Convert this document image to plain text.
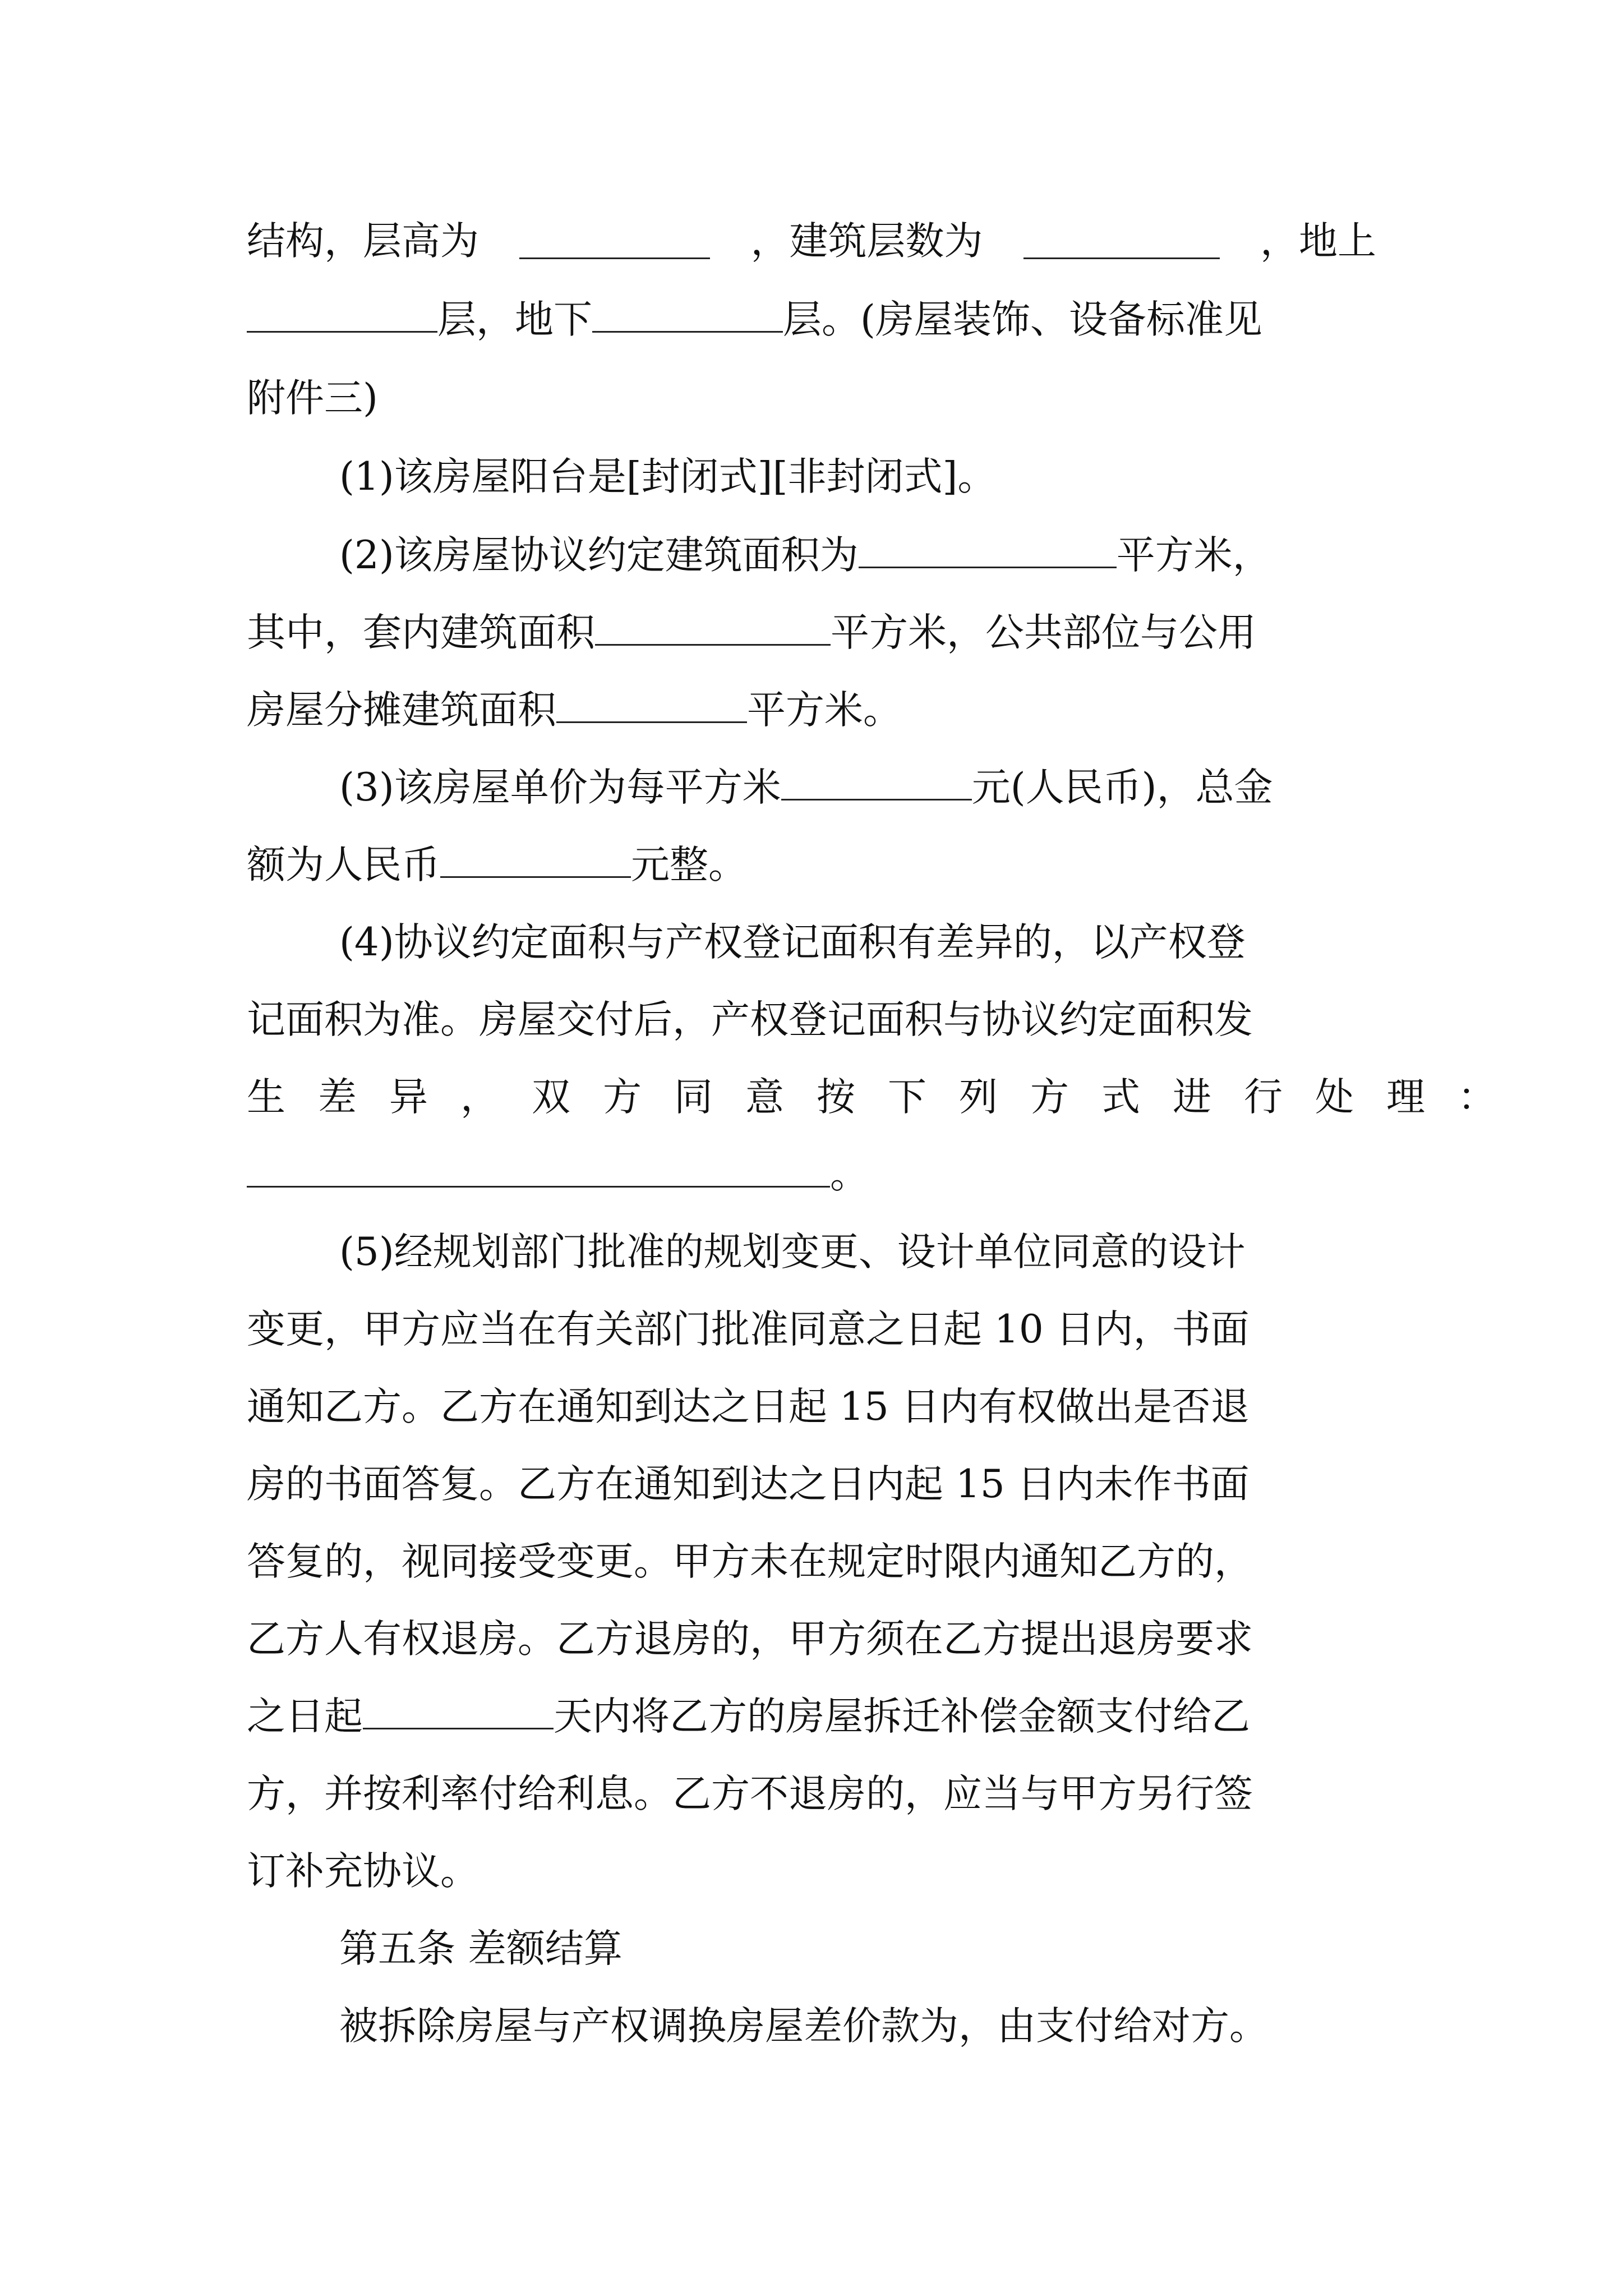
结构，层高为	，建筑层数为	，地上
层，地下	层。(房屋装饰、设备标准见
附件三)
(1)该房屋阳台是[封闭式][非封闭式]。
(2)该房屋协议约定建筑面积为	平方米，
其中，套内建筑面积	平方米，公共部位与公用
房屋分摊建筑面积	平方米。
(3)该房屋单价为每平方米	元(人民币)，总金
额为人民币	元整。
(4)协议约定面积与产权登记面积有差异的，以产权登
记面积为准。房屋交付后，产权登记面积与协议约定面积发
生差异，双方同意按下列方式进行处理：
。
(5)经规划部门批准的规划变更、设计单位同意的设计
变更，甲方应当在有关部门批准同意之日起 10 日内，书面
通知乙方。乙方在通知到达之日起 15 日内有权做出是否退
房的书面答复。乙方在通知到达之日内起 15 日内未作书面
答复的，视同接受变更。甲方未在规定时限内通知乙方的，
乙方人有权退房。乙方退房的，甲方须在乙方提出退房要求
之日起	天内将乙方的房屋拆迁补偿金额支付给乙
方，并按利率付给利息。乙方不退房的，应当与甲方另行签
订补充协议。
第五条 差额结算
被拆除房屋与产权调换房屋差价款为，由支付给对方。
